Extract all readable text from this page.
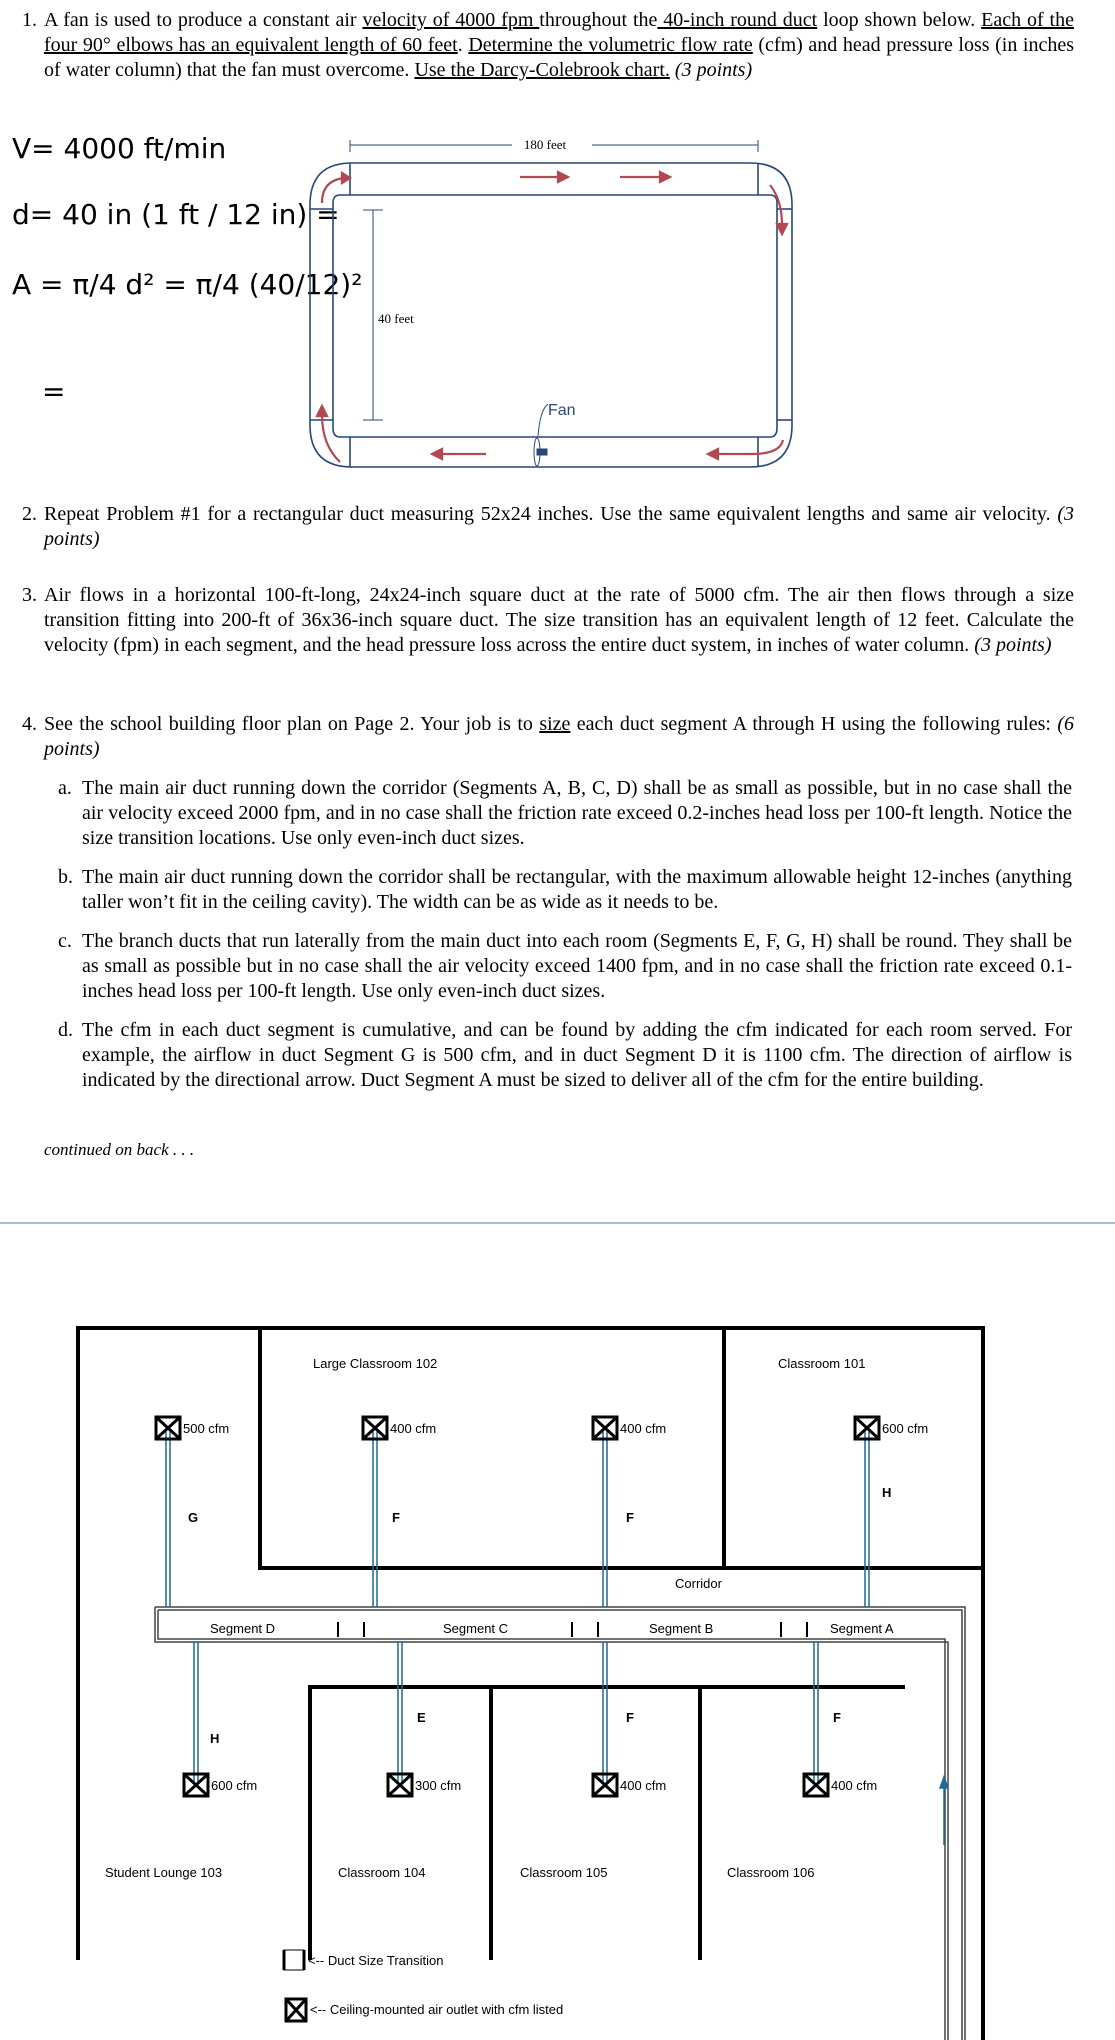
1. A fan is used to produce a constant air velocity of 4000 fpm throughout the 40-inch round duct loop shown below. Each of the four 90° elbows has an equivalent length of 60 feet. Determine the volumetric flow rate (cfm) and head pressure loss (in inches of water column) that the fan must overcome. Use the Darcy-Colebrook chart. (3 points)
V= 4000 ft/min
d= 40 in (1 ft / 12 in) =
A = π/4 d² = π/4 (40/12)²
=
180 feet
40 feet
Fan
2. Repeat Problem #1 for a rectangular duct measuring 52x24 inches. Use the same equivalent lengths and same air velocity. (3 points)
3. Air flows in a horizontal 100-ft-long, 24x24-inch square duct at the rate of 5000 cfm. The air then flows through a size transition fitting into 200-ft of 36x36-inch square duct. The size transition has an equivalent length of 12 feet. Calculate the velocity (fpm) in each segment, and the head pressure loss across the entire duct system, in inches of water column. (3 points)
4. See the school building floor plan on Page 2. Your job is to size each duct segment A through H using the following rules: (6 points)
a. The main air duct running down the corridor (Segments A, B, C, D) shall be as small as possible, but in no case shall the air velocity exceed 2000 fpm, and in no case shall the friction rate exceed 0.2-inches head loss per 100-ft length. Notice the size transition locations. Use only even-inch duct sizes.
b. The main air duct running down the corridor shall be rectangular, with the maximum allowable height 12-inches (anything taller won’t fit in the ceiling cavity). The width can be as wide as it needs to be.
c. The branch ducts that run laterally from the main duct into each room (Segments E, F, G, H) shall be round. They shall be as small as possible but in no case shall the air velocity exceed 1400 fpm, and in no case shall the friction rate exceed 0.1-inches head loss per 100-ft length. Use only even-inch duct sizes.
d. The cfm in each duct segment is cumulative, and can be found by adding the cfm indicated for each room served. For example, the airflow in duct Segment G is 500 cfm, and in duct Segment D it is 1100 cfm. The direction of airflow is indicated by the directional arrow. Duct Segment A must be sized to deliver all of the cfm for the entire building.
continued on back . . .
500 cfm
G
400 cfm
F
400 cfm
F
600 cfm
H
600 cfm
H
300 cfm
E
400 cfm
F
400 cfm
F
Large Classroom 102	Classroom 101
Corridor
Student Lounge 103	Classroom 104	Classroom 105	Classroom 106
Segment D	Segment C	Segment B	Segment A
<-- Duct Size Transition
<-- Ceiling-mounted air outlet with cfm listed
